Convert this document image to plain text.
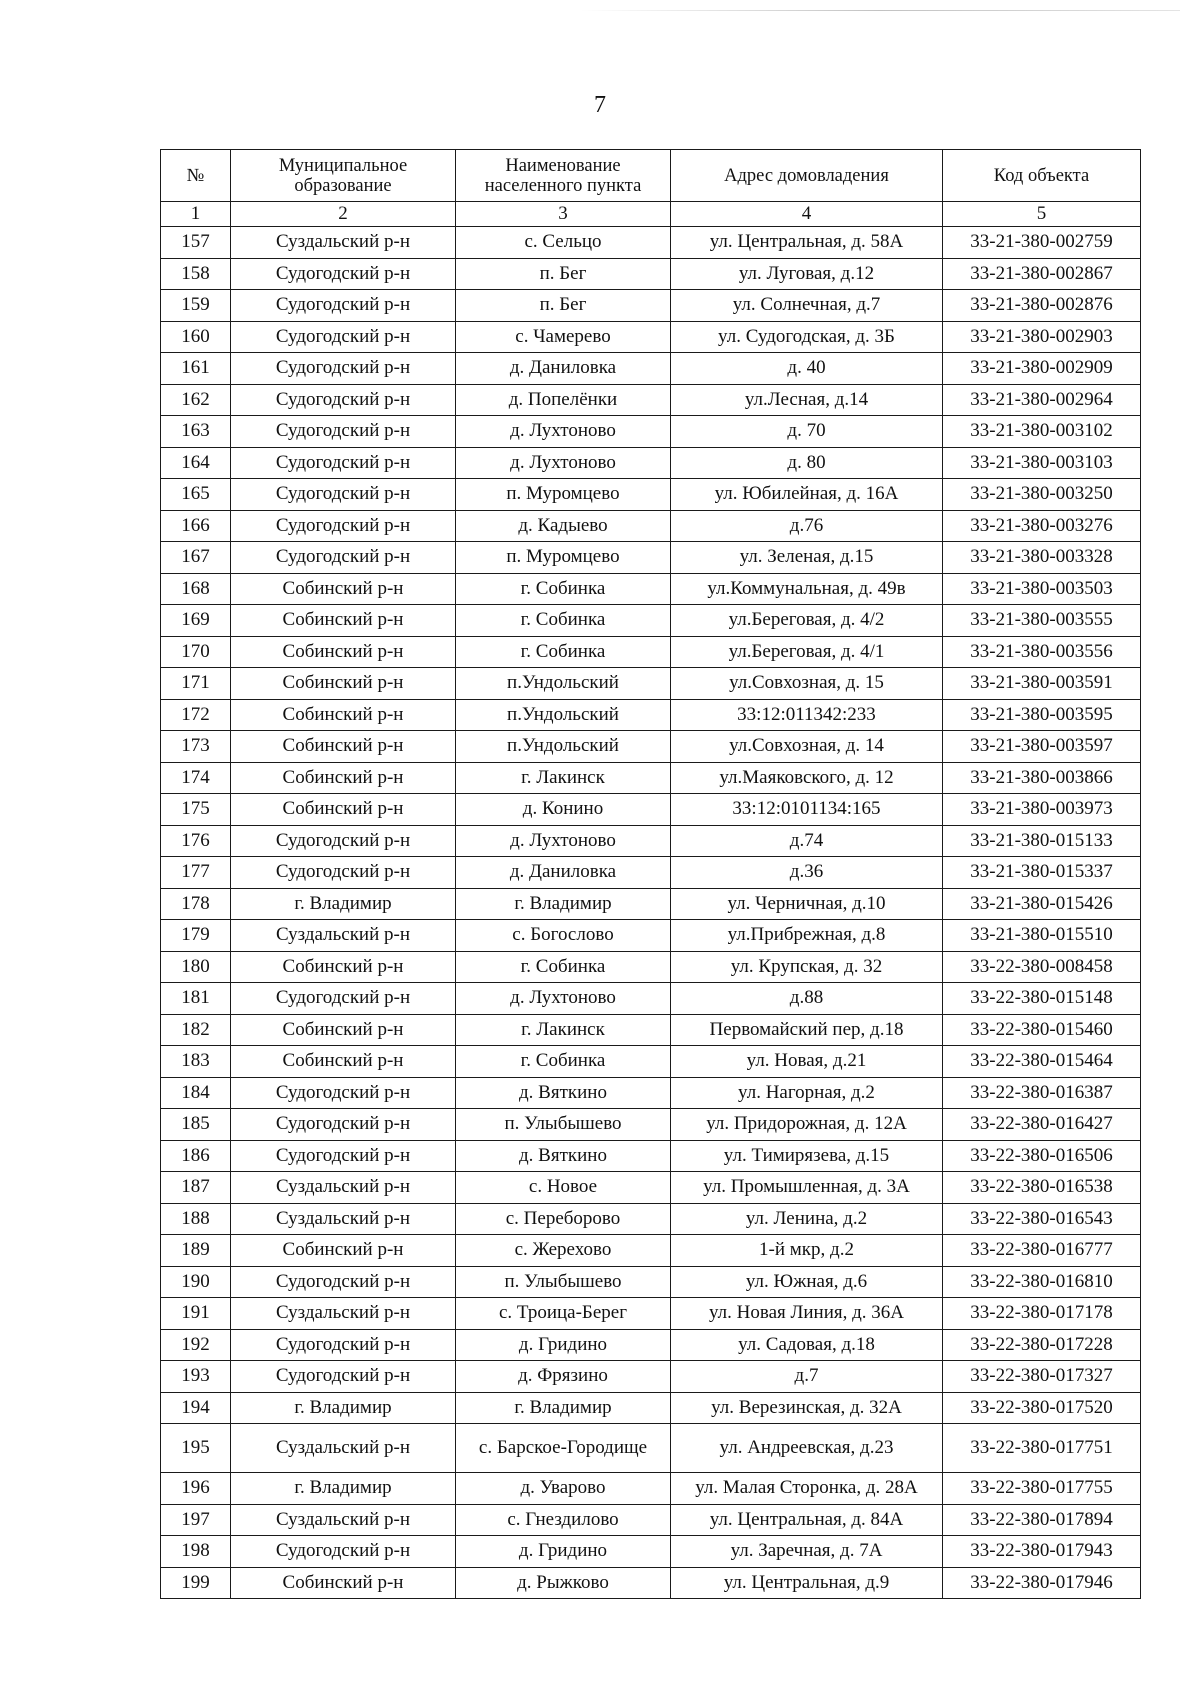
7
№	Муниципальное образование	Наименование населенного пункта	Адрес домовладения	Код объекта
1	2	3	4	5
157	Суздальский р-н	с. Сельцо	ул. Центральная, д. 58А	33-21-380-002759
158	Судогодский р-н	п. Бег	ул. Луговая, д.12	33-21-380-002867
159	Судогодский р-н	п. Бег	ул. Солнечная, д.7	33-21-380-002876
160	Судогодский р-н	с. Чамерево	ул. Судогодская, д. 3Б	33-21-380-002903
161	Судогодский р-н	д. Даниловка	д. 40	33-21-380-002909
162	Судогодский р-н	д. Попелёнки	ул.Лесная, д.14	33-21-380-002964
163	Судогодский р-н	д. Лухтоново	д. 70	33-21-380-003102
164	Судогодский р-н	д. Лухтоново	д. 80	33-21-380-003103
165	Судогодский р-н	п. Муромцево	ул. Юбилейная, д. 16А	33-21-380-003250
166	Судогодский р-н	д. Кадыево	д.76	33-21-380-003276
167	Судогодский р-н	п. Муромцево	ул. Зеленая, д.15	33-21-380-003328
168	Собинский р-н	г. Собинка	ул.Коммунальная, д. 49в	33-21-380-003503
169	Собинский р-н	г. Собинка	ул.Береговая, д. 4/2	33-21-380-003555
170	Собинский р-н	г. Собинка	ул.Береговая, д. 4/1	33-21-380-003556
171	Собинский р-н	п.Ундольский	ул.Совхозная, д. 15	33-21-380-003591
172	Собинский р-н	п.Ундольский	33:12:011342:233	33-21-380-003595
173	Собинский р-н	п.Ундольский	ул.Совхозная, д. 14	33-21-380-003597
174	Собинский р-н	г. Лакинск	ул.Маяковского, д. 12	33-21-380-003866
175	Собинский р-н	д. Конино	33:12:0101134:165	33-21-380-003973
176	Судогодский р-н	д. Лухтоново	д.74	33-21-380-015133
177	Судогодский р-н	д. Даниловка	д.36	33-21-380-015337
178	г. Владимир	г. Владимир	ул. Черничная, д.10	33-21-380-015426
179	Суздальский р-н	с. Богослово	ул.Прибрежная, д.8	33-21-380-015510
180	Собинский р-н	г. Собинка	ул. Крупская, д. 32	33-22-380-008458
181	Судогодский р-н	д. Лухтоново	д.88	33-22-380-015148
182	Собинский р-н	г. Лакинск	Первомайский пер, д.18	33-22-380-015460
183	Собинский р-н	г. Собинка	ул. Новая, д.21	33-22-380-015464
184	Судогодский р-н	д. Вяткино	ул. Нагорная, д.2	33-22-380-016387
185	Судогодский р-н	п. Улыбышево	ул. Придорожная, д. 12А	33-22-380-016427
186	Судогодский р-н	д. Вяткино	ул. Тимирязева, д.15	33-22-380-016506
187	Суздальский р-н	с. Новое	ул. Промышленная, д. 3А	33-22-380-016538
188	Суздальский р-н	с. Переборово	ул. Ленина, д.2	33-22-380-016543
189	Собинский р-н	с. Жерехово	1-й мкр, д.2	33-22-380-016777
190	Судогодский р-н	п. Улыбышево	ул. Южная, д.6	33-22-380-016810
191	Суздальский р-н	с. Троица-Берег	ул. Новая Линия, д. 36А	33-22-380-017178
192	Судогодский р-н	д. Гридино	ул. Садовая, д.18	33-22-380-017228
193	Судогодский р-н	д. Фрязино	д.7	33-22-380-017327
194	г. Владимир	г. Владимир	ул. Верезинская, д. 32А	33-22-380-017520
195	Суздальский р-н	с. Барское-Городище	ул. Андреевская, д.23	33-22-380-017751
196	г. Владимир	д. Уварово	ул. Малая Сторонка, д. 28А	33-22-380-017755
197	Суздальский р-н	с. Гнездилово	ул. Центральная, д. 84А	33-22-380-017894
198	Судогодский р-н	д. Гридино	ул. Заречная, д. 7А	33-22-380-017943
199	Собинский р-н	д. Рыжково	ул. Центральная, д.9	33-22-380-017946
